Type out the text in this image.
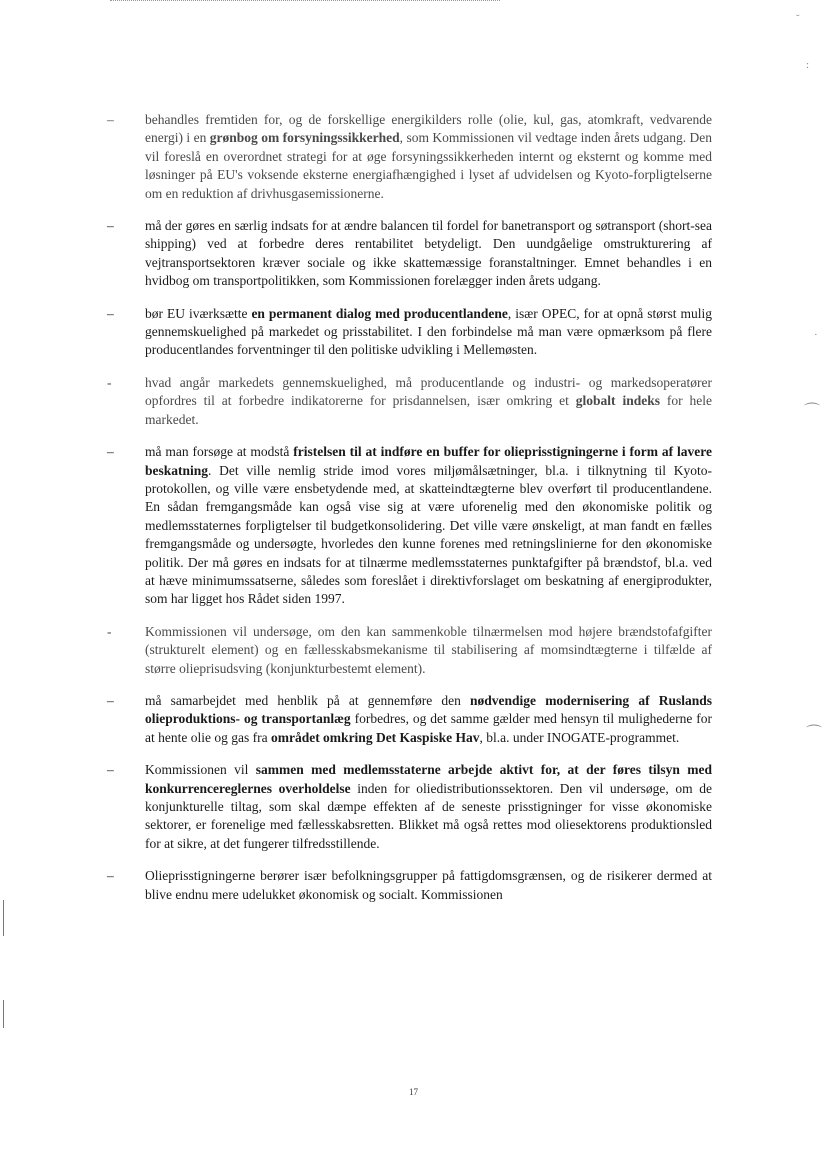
˘
:
·
⌒
⌒
–	behandles fremtiden for, og de forskellige energikilders rolle (olie, kul, gas, atomkraft, vedvarende energi) i en grønbog om forsyningssikkerhed, som Kommissionen vil vedtage inden årets udgang. Den vil foreslå en overordnet strategi for at øge forsyningssikkerheden internt og eksternt og komme med løsninger på EU's voksende eksterne energiafhængighed i lyset af udvidelsen og Kyoto-forpligtelserne om en reduktion af drivhusgasemissionerne.

–	må der gøres en særlig indsats for at ændre balancen til fordel for banetransport og søtransport (short-sea shipping) ved at forbedre deres rentabilitet betydeligt. Den uundgåelige omstrukturering af vejtransportsektoren kræver sociale og ikke skattemæssige foranstaltninger. Emnet behandles i en hvidbog om transportpolitikken, som Kommissionen forelægger inden årets udgang.

–	bør EU iværksætte en permanent dialog med producentlandene, især OPEC, for at opnå størst mulig gennemskuelighed på markedet og prisstabilitet. I den forbindelse må man være opmærksom på flere producentlandes forventninger til den politiske udvikling i Mellemøsten.

-	hvad angår markedets gennemskuelighed, må producentlande og industri- og markedsoperatører opfordres til at forbedre indikatorerne for prisdannelsen, især omkring et globalt indeks for hele markedet.

–	må man forsøge at modstå fristelsen til at indføre en buffer for olieprisstigningerne i form af lavere beskatning. Det ville nemlig stride imod vores miljømålsætninger, bl.a. i tilknytning til Kyoto-protokollen, og ville være ensbetydende med, at skatteindtægterne blev overført til producentlandene. En sådan fremgangsmåde kan også vise sig at være uforenelig med den økonomiske politik og medlemsstaternes forpligtelser til budgetkonsolidering. Det ville være ønskeligt, at man fandt en fælles fremgangsmåde og undersøgte, hvorledes den kunne forenes med retningslinierne for den økonomiske politik. Der må gøres en indsats for at tilnærme medlemsstaternes punktafgifter på brændstof, bl.a. ved at hæve minimumssatserne, således som foreslået i direktivforslaget om beskatning af energiprodukter, som har ligget hos Rådet siden 1997.

-	Kommissionen vil undersøge, om den kan sammenkoble tilnærmelsen mod højere brændstofafgifter (strukturelt element) og en fællesskabsmekanisme til stabilisering af momsindtægterne i tilfælde af større olieprisudsving (konjunkturbestemt element).

–	må samarbejdet med henblik på at gennemføre den nødvendige modernisering af Ruslands olieproduktions- og transportanlæg forbedres, og det samme gælder med hensyn til mulighederne for at hente olie og gas fra området omkring Det Kaspiske Hav, bl.a. under INOGATE-programmet.

–	Kommissionen vil sammen med medlemsstaterne arbejde aktivt for, at der føres tilsyn med konkurrencereglernes overholdelse inden for oliedistributionssektoren. Den vil undersøge, om de konjunkturelle tiltag, som skal dæmpe effekten af de seneste prisstigninger for visse økonomiske sektorer, er forenelige med fællesskabsretten. Blikket må også rettes mod oliesektorens produktionsled for at sikre, at det fungerer tilfredsstillende.

–	Olieprisstigningerne berører især befolkningsgrupper på fattigdomsgrænsen, og de risikerer dermed at blive endnu mere udelukket økonomisk og socialt. Kommissionen

17
